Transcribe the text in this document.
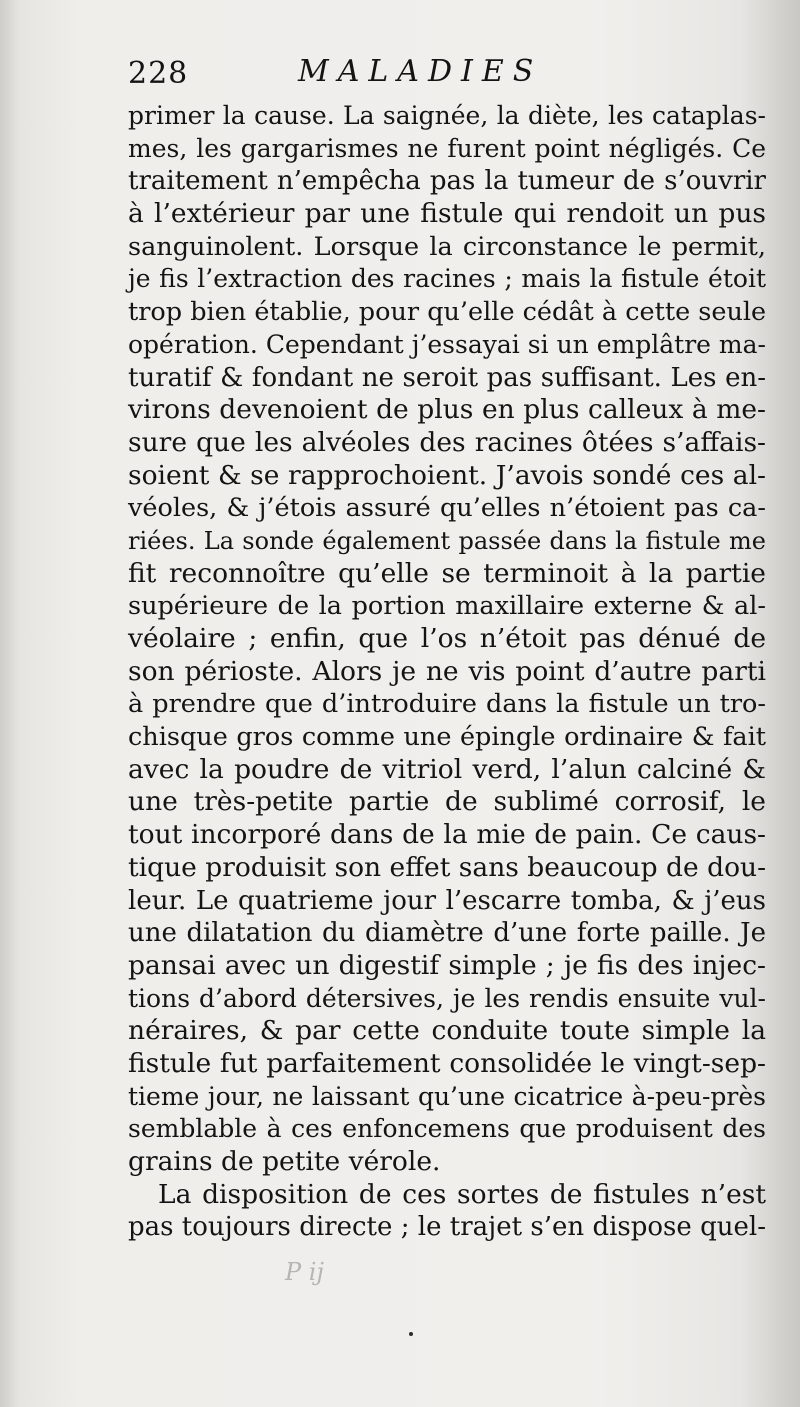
228	MALADIES
primer la cause. La saignée, la diète, les cataplas-
mes, les gargarismes ne furent point négligés. Ce
traitement n’empêcha pas la tumeur de s’ouvrir
à l’extérieur par une fistule qui rendoit un pus
sanguinolent. Lorsque la circonstance le permit,
je fis l’extraction des racines ; mais la fistule étoit
trop bien établie, pour qu’elle cédât à cette seule
opération. Cependant j’essayai si un emplâtre ma-
turatif & fondant ne seroit pas suffisant. Les en-
virons devenoient de plus en plus calleux à me-
sure que les alvéoles des racines ôtées s’affais-
soient & se rapprochoient. J’avois sondé ces al-
véoles, & j’étois assuré qu’elles n’étoient pas ca-
riées. La sonde également passée dans la fistule me
fit reconnoître qu’elle se terminoit à la partie
supérieure de la portion maxillaire externe & al-
véolaire ; enfin, que l’os n’étoit pas dénué de
son périoste. Alors je ne vis point d’autre parti
à prendre que d’introduire dans la fistule un tro-
chisque gros comme une épingle ordinaire & fait
avec la poudre de vitriol verd, l’alun calciné &
une très-petite partie de sublimé corrosif, le
tout incorporé dans de la mie de pain. Ce caus-
tique produisit son effet sans beaucoup de dou-
leur. Le quatrieme jour l’escarre tomba, & j’eus
une dilatation du diamètre d’une forte paille. Je
pansai avec un digestif simple ; je fis des injec-
tions d’abord détersives, je les rendis ensuite vul-
néraires, & par cette conduite toute simple la
fistule fut parfaitement consolidée le vingt-sep-
tieme jour, ne laissant qu’une cicatrice à-peu-près
semblable à ces enfoncemens que produisent des
grains de petite vérole.
La disposition de ces sortes de fistules n’est
pas toujours directe ; le trajet s’en dispose quel-
P ij
